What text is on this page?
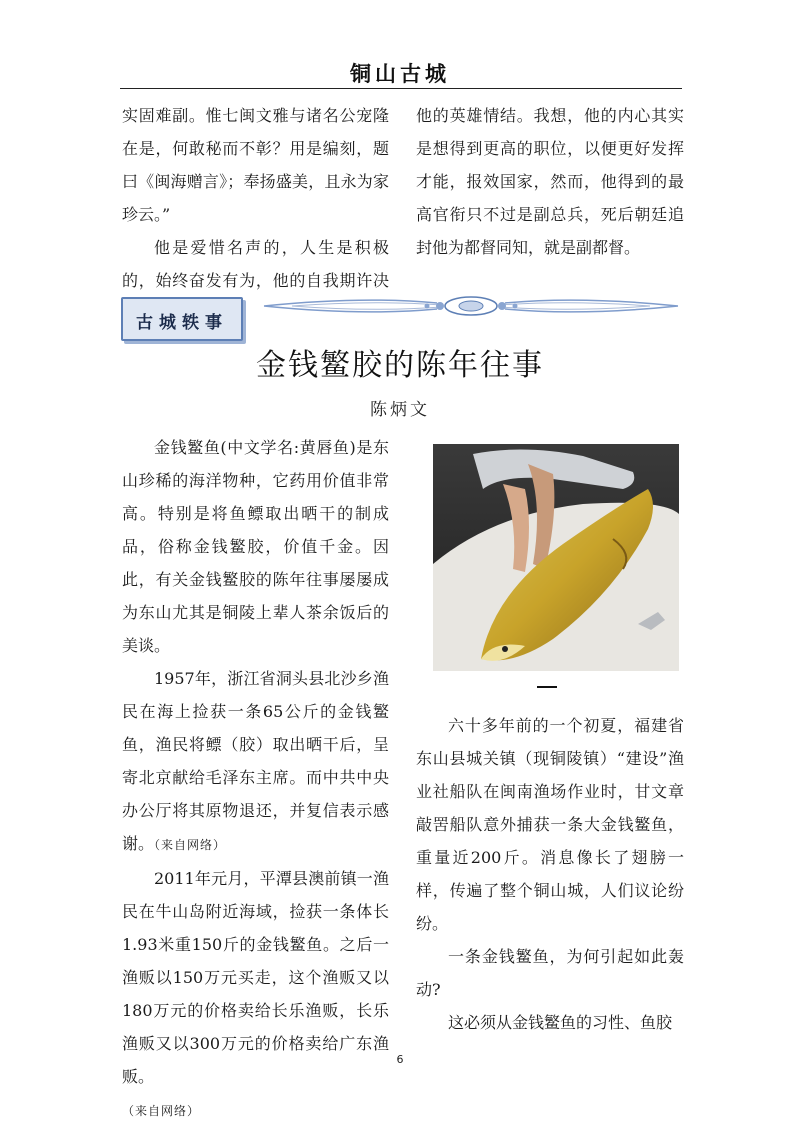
铜山古城

实固难副。惟七闽文雅与诸名公宠隆在是，何敢秘而不彰？用是编刻，题曰《闽海赠言》；奉扬盛美，且永为家珍云。”

他是爱惜名声的，人生是积极的，始终奋发有为，他的自我期许决

他的英雄情结。我想，他的内心其实是想得到更高的职位，以便更好发挥才能，报效国家，然而，他得到的最高官衔只不过是副总兵，死后朝廷追封他为都督同知，就是副都督。

古城轶事
金钱鳘胶的陈年往事
陈炳文

金钱鳘鱼(中文学名:黄唇鱼)是东山珍稀的海洋物种，它药用价值非常高。特别是将鱼鳔取出晒干的制成品，俗称金钱鳘胶，价值千金。因此，有关金钱鳘胶的陈年往事屡屡成为东山尤其是铜陵上辈人茶余饭后的美谈。

1957年，浙江省洞头县北沙乡渔民在海上捡获一条65公斤的金钱鳘鱼，渔民将鳔（胶）取出晒干后，呈寄北京献给毛泽东主席。而中共中央办公厅将其原物退还，并复信表示感谢。（来自网络）

2011年元月，平潭县澳前镇一渔民在牛山岛附近海域，捡获一条体长1.93米重150斤的金钱鳘鱼。之后一渔贩以150万元买走，这个渔贩又以180万元的价格卖给长乐渔贩，长乐渔贩又以300万元的价格卖给广东渔贩。

（来自网络）

六十多年前的一个初夏，福建省东山县城关镇（现铜陵镇）“建设”渔业社船队在闽南渔场作业时，甘文章敲罟船队意外捕获一条大金钱鳘鱼，重量近200斤。消息像长了翅膀一样，传遍了整个铜山城，人们议论纷纷。

一条金钱鳘鱼，为何引起如此轰动?

这必须从金钱鳘鱼的习性、鱼胶

6
